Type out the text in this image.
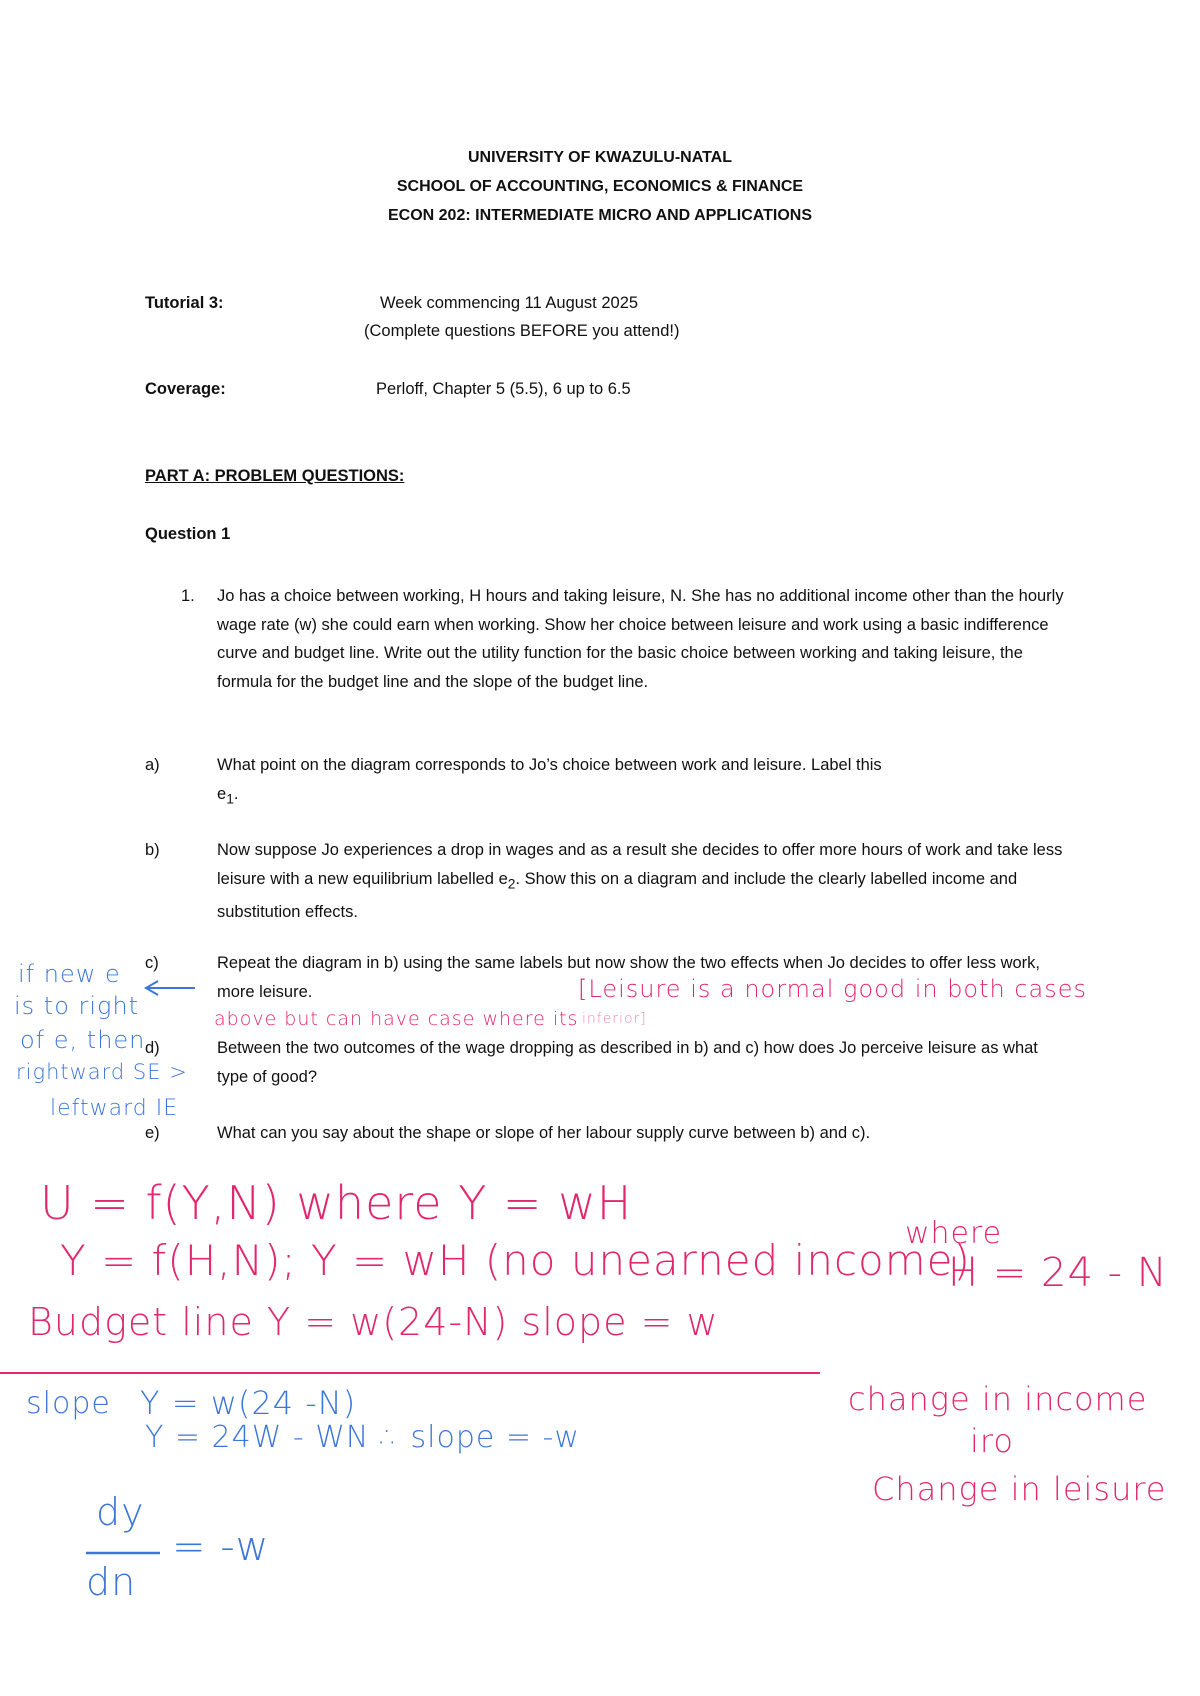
UNIVERSITY OF KWAZULU-NATAL
SCHOOL OF ACCOUNTING, ECONOMICS & FINANCE
ECON 202: INTERMEDIATE MICRO AND APPLICATIONS
Tutorial 3:	Week commencing 11 August 2025
(Complete questions BEFORE you attend!)
Coverage:	Perloff, Chapter 5 (5.5), 6 up to 6.5
PART A: PROBLEM QUESTIONS:
Question 1
1.	Jo has a choice between working, H hours and taking leisure, N. She has no additional income other than the hourly wage rate (w) she could earn when working. Show her choice between leisure and work using a basic indifference curve and budget line. Write out the utility function for the basic choice between working and taking leisure, the formula for the budget line and the slope of the budget line.
a)	What point on the diagram corresponds to Jo’s choice between work and leisure. Label this
$e_1$.
b)	Now suppose Jo experiences a drop in wages and as a result she decides to offer more hours of work and take less leisure with a new equilibrium labelled $e_2$. Show this on a diagram and include the clearly labelled income and substitution effects.
c)	Repeat the diagram in b) using the same labels but now show the two effects when Jo decides to offer less work, more leisure.
d)	Between the two outcomes of the wage dropping as described in b) and c) how does Jo perceive leisure as what type of good?
e)	What can you say about the shape or slope of her labour supply curve between b) and c).
[Leisure is a normal good in both cases
above but can have case where its inferior]
if new e
is to right
of e, then
rightward SE >
leftward IE
U = f(Y,N) where Y = wH
Y = f(H,N); Y = wH (no unearned income)
where
H = 24 - N
Budget line Y = w(24-N) slope = w
slope Y = w(24 -N)
Y = 24W - WN ∴ slope = -w
dy
dn
= -w
change in income
iro
Change in leisure
